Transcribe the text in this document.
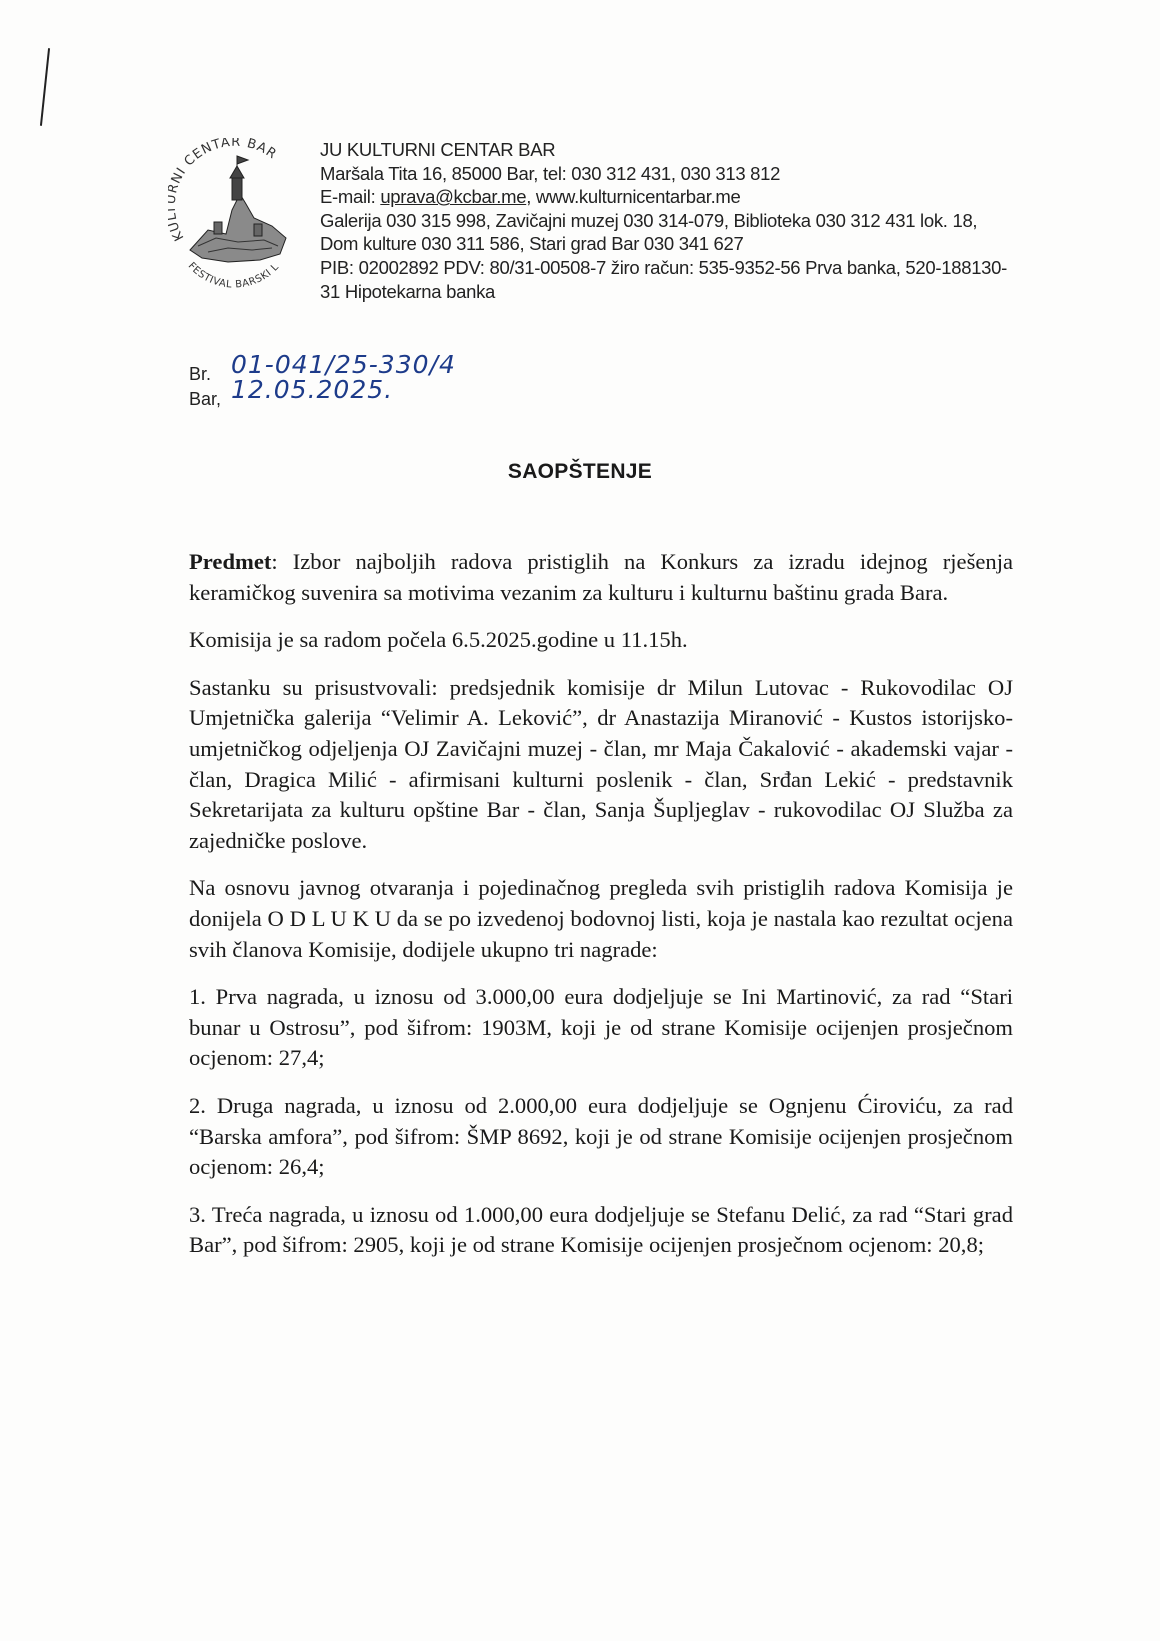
K NI CENTAR BAR
FESTIVAL BARSKI L
JU KULTURNI CENTAR BAR
Maršala Tita 16, 85000 Bar, tel: 030 312 431, 030 313 812
E-mail: uprava@kcbar.me, www.kulturnicentarbar.me
Galerija 030 315 998, Zavičajni muzej 030 314-079, Biblioteka 030 312 431 lok. 18,
Dom kulture 030 311 586, Stari grad Bar 030 341 627
PIB: 02002892 PDV: 80/31-00508-7 žiro račun: 535-9352-56 Prva banka, 520-188130-31 Hipotekarna banka
Br. 01-041/25-330/4
Bar, 12.05.2025.
SAOPŠTENJE

Predmet: Izbor najboljih radova pristiglih na Konkurs za izradu idejnog rješenja keramičkog suvenira sa motivima vezanim za kulturu i kulturnu baštinu grada Bara.

Komisija je sa radom počela 6.5.2025.godine u 11.15h.

Sastanku su prisustvovali: predsjednik komisije dr Milun Lutovac - Rukovodilac OJ Umjetnička galerija “Velimir A. Leković”, dr Anastazija Miranović - Kustos istorijsko-umjetničkog odjeljenja OJ Zavičajni muzej - član, mr Maja Čakalović - akademski vajar - član, Dragica Milić - afirmisani kulturni poslenik - član, Srđan Lekić - predstavnik Sekretarijata za kulturu opštine Bar - član, Sanja Šupljeglav - rukovodilac OJ Služba za zajedničke poslove.

Na osnovu javnog otvaranja i pojedinačnog pregleda svih pristiglih radova Komisija je donijela O D L U K U da se po izvedenoj bodovnoj listi, koja je nastala kao rezultat ocjena svih članova Komisije, dodijele ukupno tri nagrade:

1. Prva nagrada, u iznosu od 3.000,00 eura dodjeljuje se Ini Martinović, za rad “Stari bunar u Ostrosu”, pod šifrom: 1903M, koji je od strane Komisije ocijenjen prosječnom ocjenom: 27,4;

2. Druga nagrada, u iznosu od 2.000,00 eura dodjeljuje se Ognjenu Ćiroviću, za rad “Barska amfora”, pod šifrom: ŠMP 8692, koji je od strane Komisije ocijenjen prosječnom ocjenom: 26,4;

3. Treća nagrada, u iznosu od 1.000,00 eura dodjeljuje se Stefanu Delić, za rad “Stari grad Bar”, pod šifrom: 2905, koji je od strane Komisije ocijenjen prosječnom ocjenom: 20,8;
